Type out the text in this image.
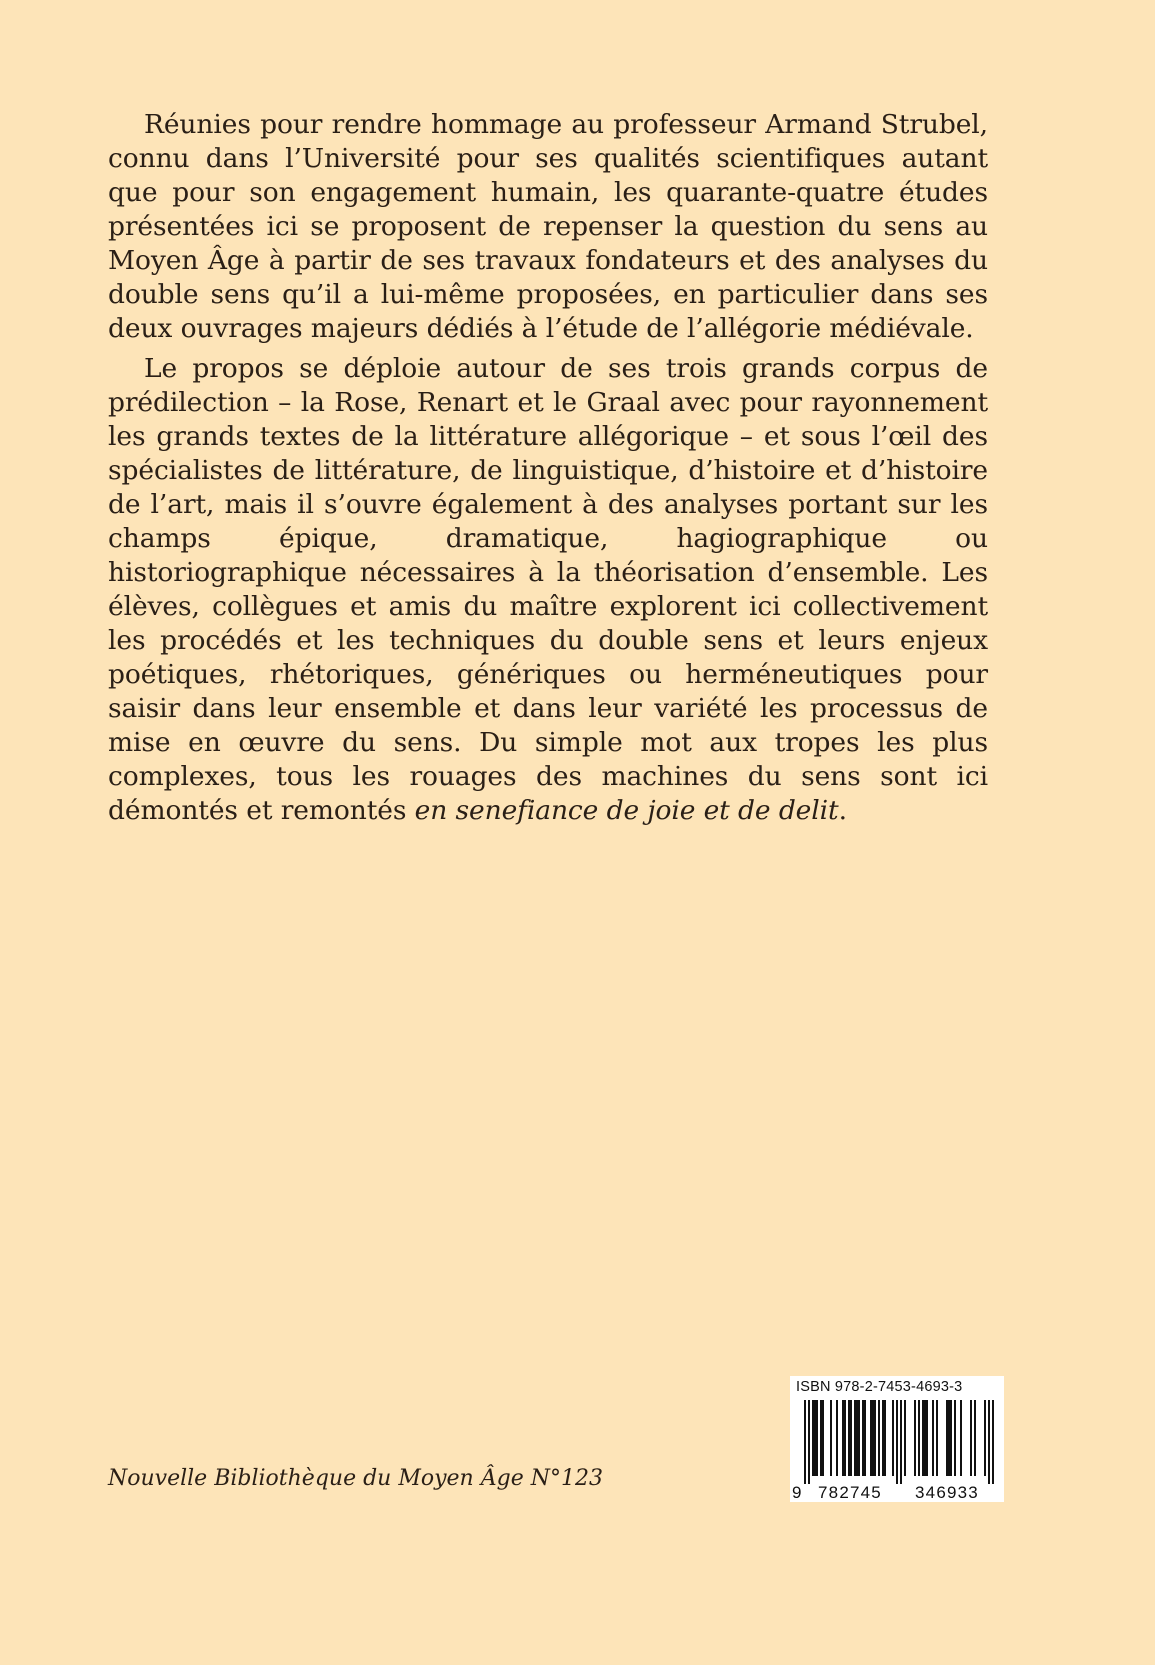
Réunies pour rendre hommage au professeur Armand Strubel, connu dans l’Université pour ses qualités scientifiques autant que pour son engagement humain, les quarante-quatre études présentées ici se proposent de repenser la question du sens au Moyen Âge à partir de ses travaux fondateurs et des analyses du double sens qu’il a lui-même proposées, en particulier dans ses deux ouvrages majeurs dédiés à l’étude de l’allégorie médiévale.

Le propos se déploie autour de ses trois grands corpus de prédilection – la Rose, Renart et le Graal avec pour rayonnement les grands textes de la littérature allégorique – et sous l’œil des spécialistes de littérature, de linguistique, d’histoire et d’histoire de l’art, mais il s’ouvre également à des analyses portant sur les champs épique, dramatique, hagiographique ou historiographique nécessaires à la théorisation d’ensemble. Les élèves, collègues et amis du maître explorent ici collectivement les procédés et les techniques du double sens et leurs enjeux poétiques, rhétoriques, génériques ou herméneutiques pour saisir dans leur ensemble et dans leur variété les processus de mise en œuvre du sens. Du simple mot aux tropes les plus complexes, tous les rouages des machines du sens sont ici démontés et remontés en senefiance de joie et de delit.

Nouvelle Bibliothèque du Moyen Âge N°123
ISBN 978-2-7453-4693-3
9 782745 346933
